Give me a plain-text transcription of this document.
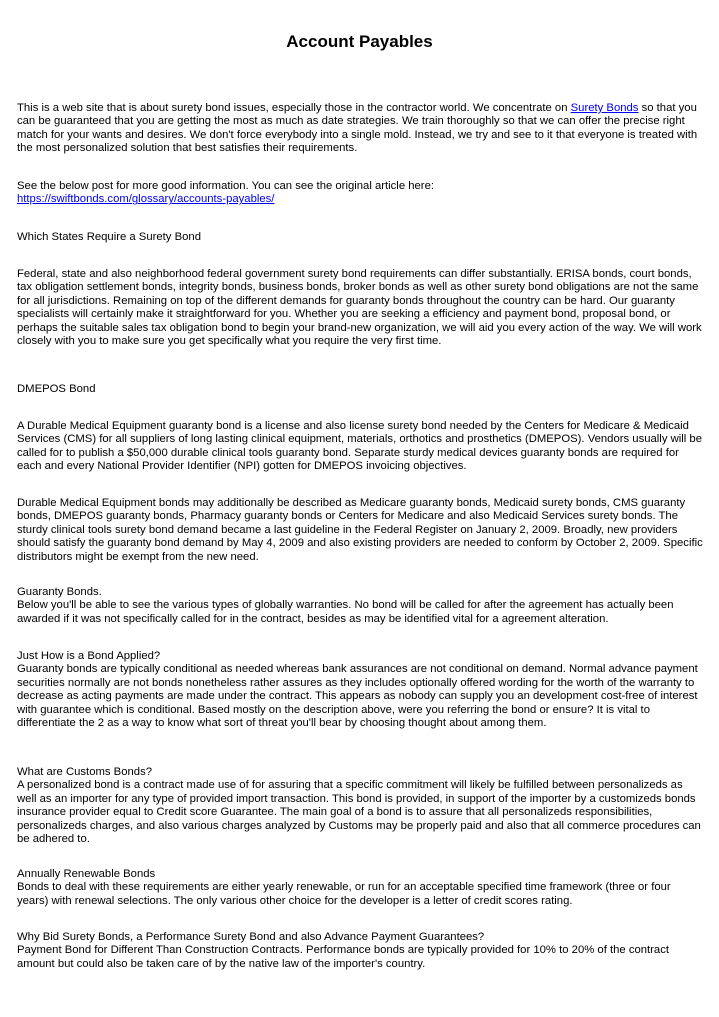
Account Payables

This is a web site that is about surety bond issues, especially those in the contractor world. We concentrate on Surety Bonds so that you can be guaranteed that you are getting the most as much as date strategies. We train thoroughly so that we can offer the precise right match for your wants and desires. We don't force everybody into a single mold. Instead, we try and see to it that everyone is treated with the most personalized solution that best satisfies their requirements.

See the below post for more good information. You can see the original article here:
https://swiftbonds.com/glossary/accounts-payables/

Which States Require a Surety Bond

Federal, state and also neighborhood federal government surety bond requirements can differ substantially. ERISA bonds, court bonds, tax obligation settlement bonds, integrity bonds, business bonds, broker bonds as well as other surety bond obligations are not the same for all jurisdictions. Remaining on top of the different demands for guaranty bonds throughout the country can be hard. Our guaranty specialists will certainly make it straightforward for you. Whether you are seeking a efficiency and payment bond, proposal bond, or perhaps the suitable sales tax obligation bond to begin your brand-new organization, we will aid you every action of the way. We will work closely with you to make sure you get specifically what you require the very first time.

DMEPOS Bond

A Durable Medical Equipment guaranty bond is a license and also license surety bond needed by the Centers for Medicare & Medicaid Services (CMS) for all suppliers of long lasting clinical equipment, materials, orthotics and prosthetics (DMEPOS). Vendors usually will be called for to publish a $50,000 durable clinical tools guaranty bond. Separate sturdy medical devices guaranty bonds are required for each and every National Provider Identifier (NPI) gotten for DMEPOS invoicing objectives.

Durable Medical Equipment bonds may additionally be described as Medicare guaranty bonds, Medicaid surety bonds, CMS guaranty bonds, DMEPOS guaranty bonds, Pharmacy guaranty bonds or Centers for Medicare and also Medicaid Services surety bonds. The sturdy clinical tools surety bond demand became a last guideline in the Federal Register on January 2, 2009. Broadly, new providers should satisfy the guaranty bond demand by May 4, 2009 and also existing providers are needed to conform by October 2, 2009. Specific distributors might be exempt from the new need.

Guaranty Bonds.
Below you'll be able to see the various types of globally warranties. No bond will be called for after the agreement has actually been awarded if it was not specifically called for in the contract, besides as may be identified vital for a agreement alteration.

Just How is a Bond Applied?
Guaranty bonds are typically conditional as needed whereas bank assurances are not conditional on demand. Normal advance payment securities normally are not bonds nonetheless rather assures as they includes optionally offered wording for the worth of the warranty to decrease as acting payments are made under the contract. This appears as nobody can supply you an development cost-free of interest with guarantee which is conditional. Based mostly on the description above, were you referring the bond or ensure? It is vital to differentiate the 2 as a way to know what sort of threat you'll bear by choosing thought about among them.

What are Customs Bonds?
A personalized bond is a contract made use of for assuring that a specific commitment will likely be fulfilled between personalizeds as well as an importer for any type of provided import transaction. This bond is provided, in support of the importer by a customizeds bonds insurance provider equal to Credit score Guarantee. The main goal of a bond is to assure that all personalizeds responsibilities, personalizeds charges, and also various charges analyzed by Customs may be properly paid and also that all commerce procedures can be adhered to.

Annually Renewable Bonds
Bonds to deal with these requirements are either yearly renewable, or run for an acceptable specified time framework (three or four years) with renewal selections. The only various other choice for the developer is a letter of credit scores rating.

Why Bid Surety Bonds, a Performance Surety Bond and also Advance Payment Guarantees?
Payment Bond for Different Than Construction Contracts. Performance bonds are typically provided for 10% to 20% of the contract amount but could also be taken care of by the native law of the importer's country.
